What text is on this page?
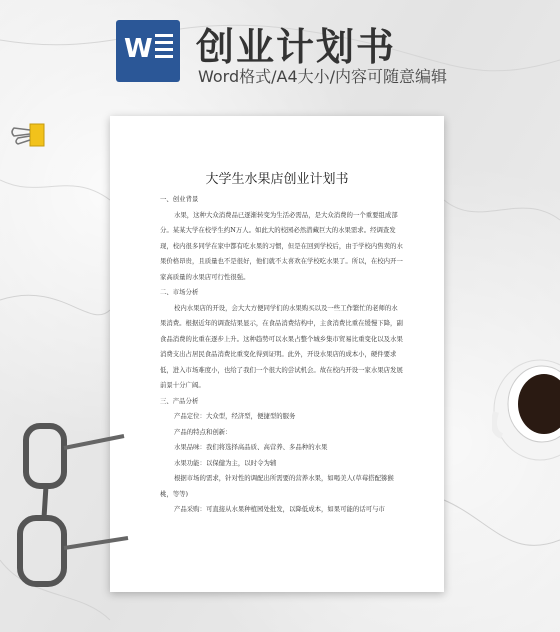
W 创业计划书
Word格式/A4大小/内容可随意编辑
大学生水果店创业计划书

一、创业背景

水果，这种大众消费品已逐渐转变为生活必需品，是大众消费的一个重要组成部分。某某大学在校学生约N万人。如此大的校园必然潜藏巨大的水果需求。经调查发现，校内很多同学在家中都有吃水果的习惯，但是在回到学校后，由于学校内售卖的水果价格昂贵，且质量也不是很好，他们就不太喜欢在学校吃水果了。所以，在校内开一家高质量的水果店可行性很强。

二、市场分析

校内水果店的开设，会大大方便同学们的水果购买以及一些工作繁忙的老师的水果消费。根据近年的调查结果显示，在食品消费结构中，主食消费比重在缓慢下降，副食品消费的比重在逐步上升。这种趋势可以水果占整个城乡集市贸易比重变化以及水果消费支出占居民食品消费比重变化得到证明。此外，开设水果店的成本小，硬件要求低，进入市场难度小，也给了我们一个很大的尝试机会。故在校内开设一家水果店发展前景十分广阔。

三、产品分析

产品定位：大众型，经济型，便捷型的服务

产品的特点和创新：

水果品味：我们将选择高品质、高营养、多品种的水果

水果功能：以保健为主，以时令为辅

根据市场的需求，针对性的调配出所需要的营养水果，如喝美人(草莓搭配猕猴桃，等等)

产品采购：可直接从水果种植园处批发，以降低成本，如果可能的话可与市
